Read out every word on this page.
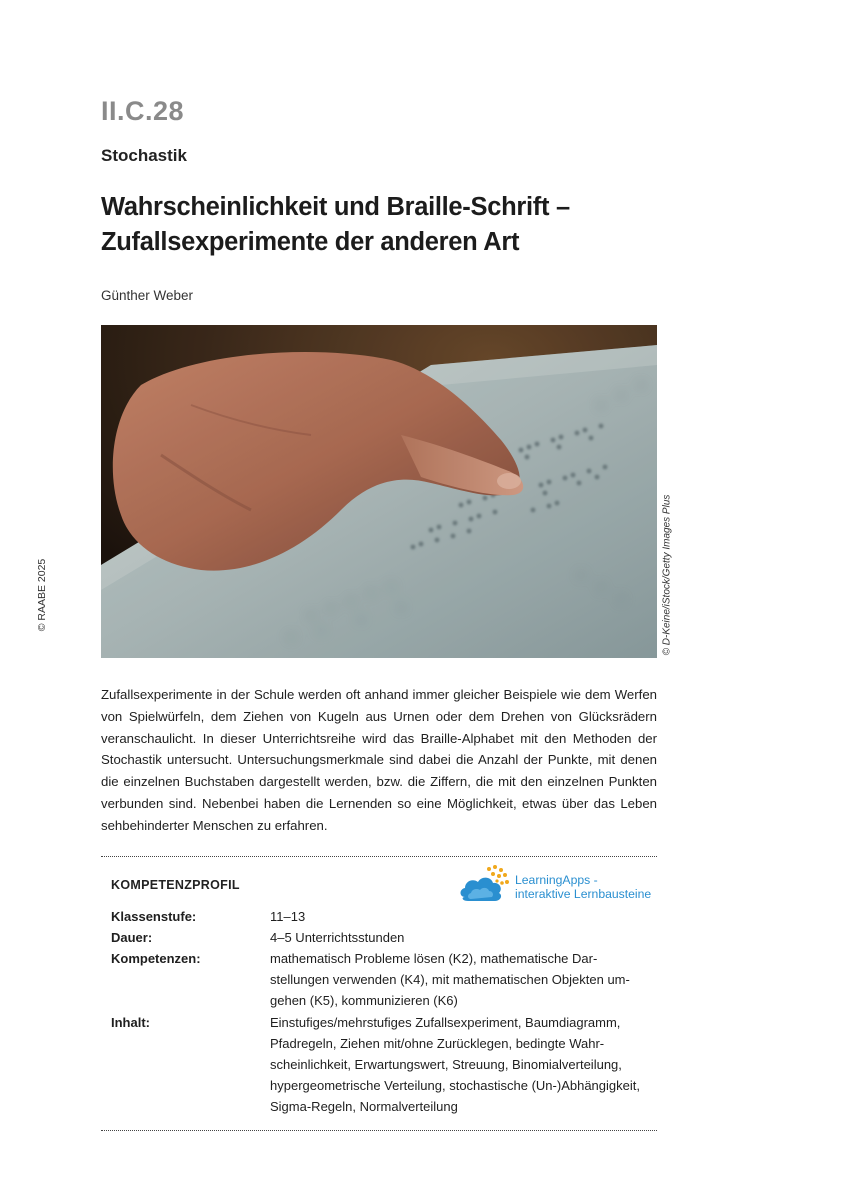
II.C.28
Stochastik
Wahrscheinlichkeit und Braille-Schrift –
Zufallsexperimente der anderen Art
Günther Weber
© RAABE 2025	© D-Keine/iStock/Getty Images Plus
Zufallsexperimente in der Schule werden oft anhand immer gleicher Beispiele wie dem Werfen von Spielwürfeln, dem Ziehen von Kugeln aus Urnen oder dem Drehen von Glücksrädern veranschaulicht. In dieser Unterrichtsreihe wird das Braille-Alphabet mit den Methoden der Stochastik untersucht. Untersuchungsmerkmale sind dabei die Anzahl der Punkte, mit denen die einzelnen Buchstaben dargestellt werden, bzw. die Ziffern, die mit den einzelnen Punkten verbunden sind. Nebenbei haben die Lernenden so eine Möglichkeit, etwas über das Leben sehbehinderter Menschen zu erfahren.
KOMPETENZPROFIL	LearningApps -
interaktive Lernbausteine
Klassenstufe:	11–13
Dauer:	4–5 Unterrichtsstunden
Kompetenzen:	mathematisch Probleme lösen (K2), mathematische Dar-
stellungen verwenden (K4), mit mathematischen Objekten um-
gehen (K5), kommunizieren (K6)
Inhalt:	Einstufiges/mehrstufiges Zufallsexperiment, Baumdiagramm,
Pfadregeln, Ziehen mit/ohne Zurücklegen, bedingte Wahr-
scheinlichkeit, Erwartungswert, Streuung, Binomialverteilung,
hypergeometrische Verteilung, stochastische (Un-)Abhängigkeit,
Sigma-Regeln, Normalverteilung
